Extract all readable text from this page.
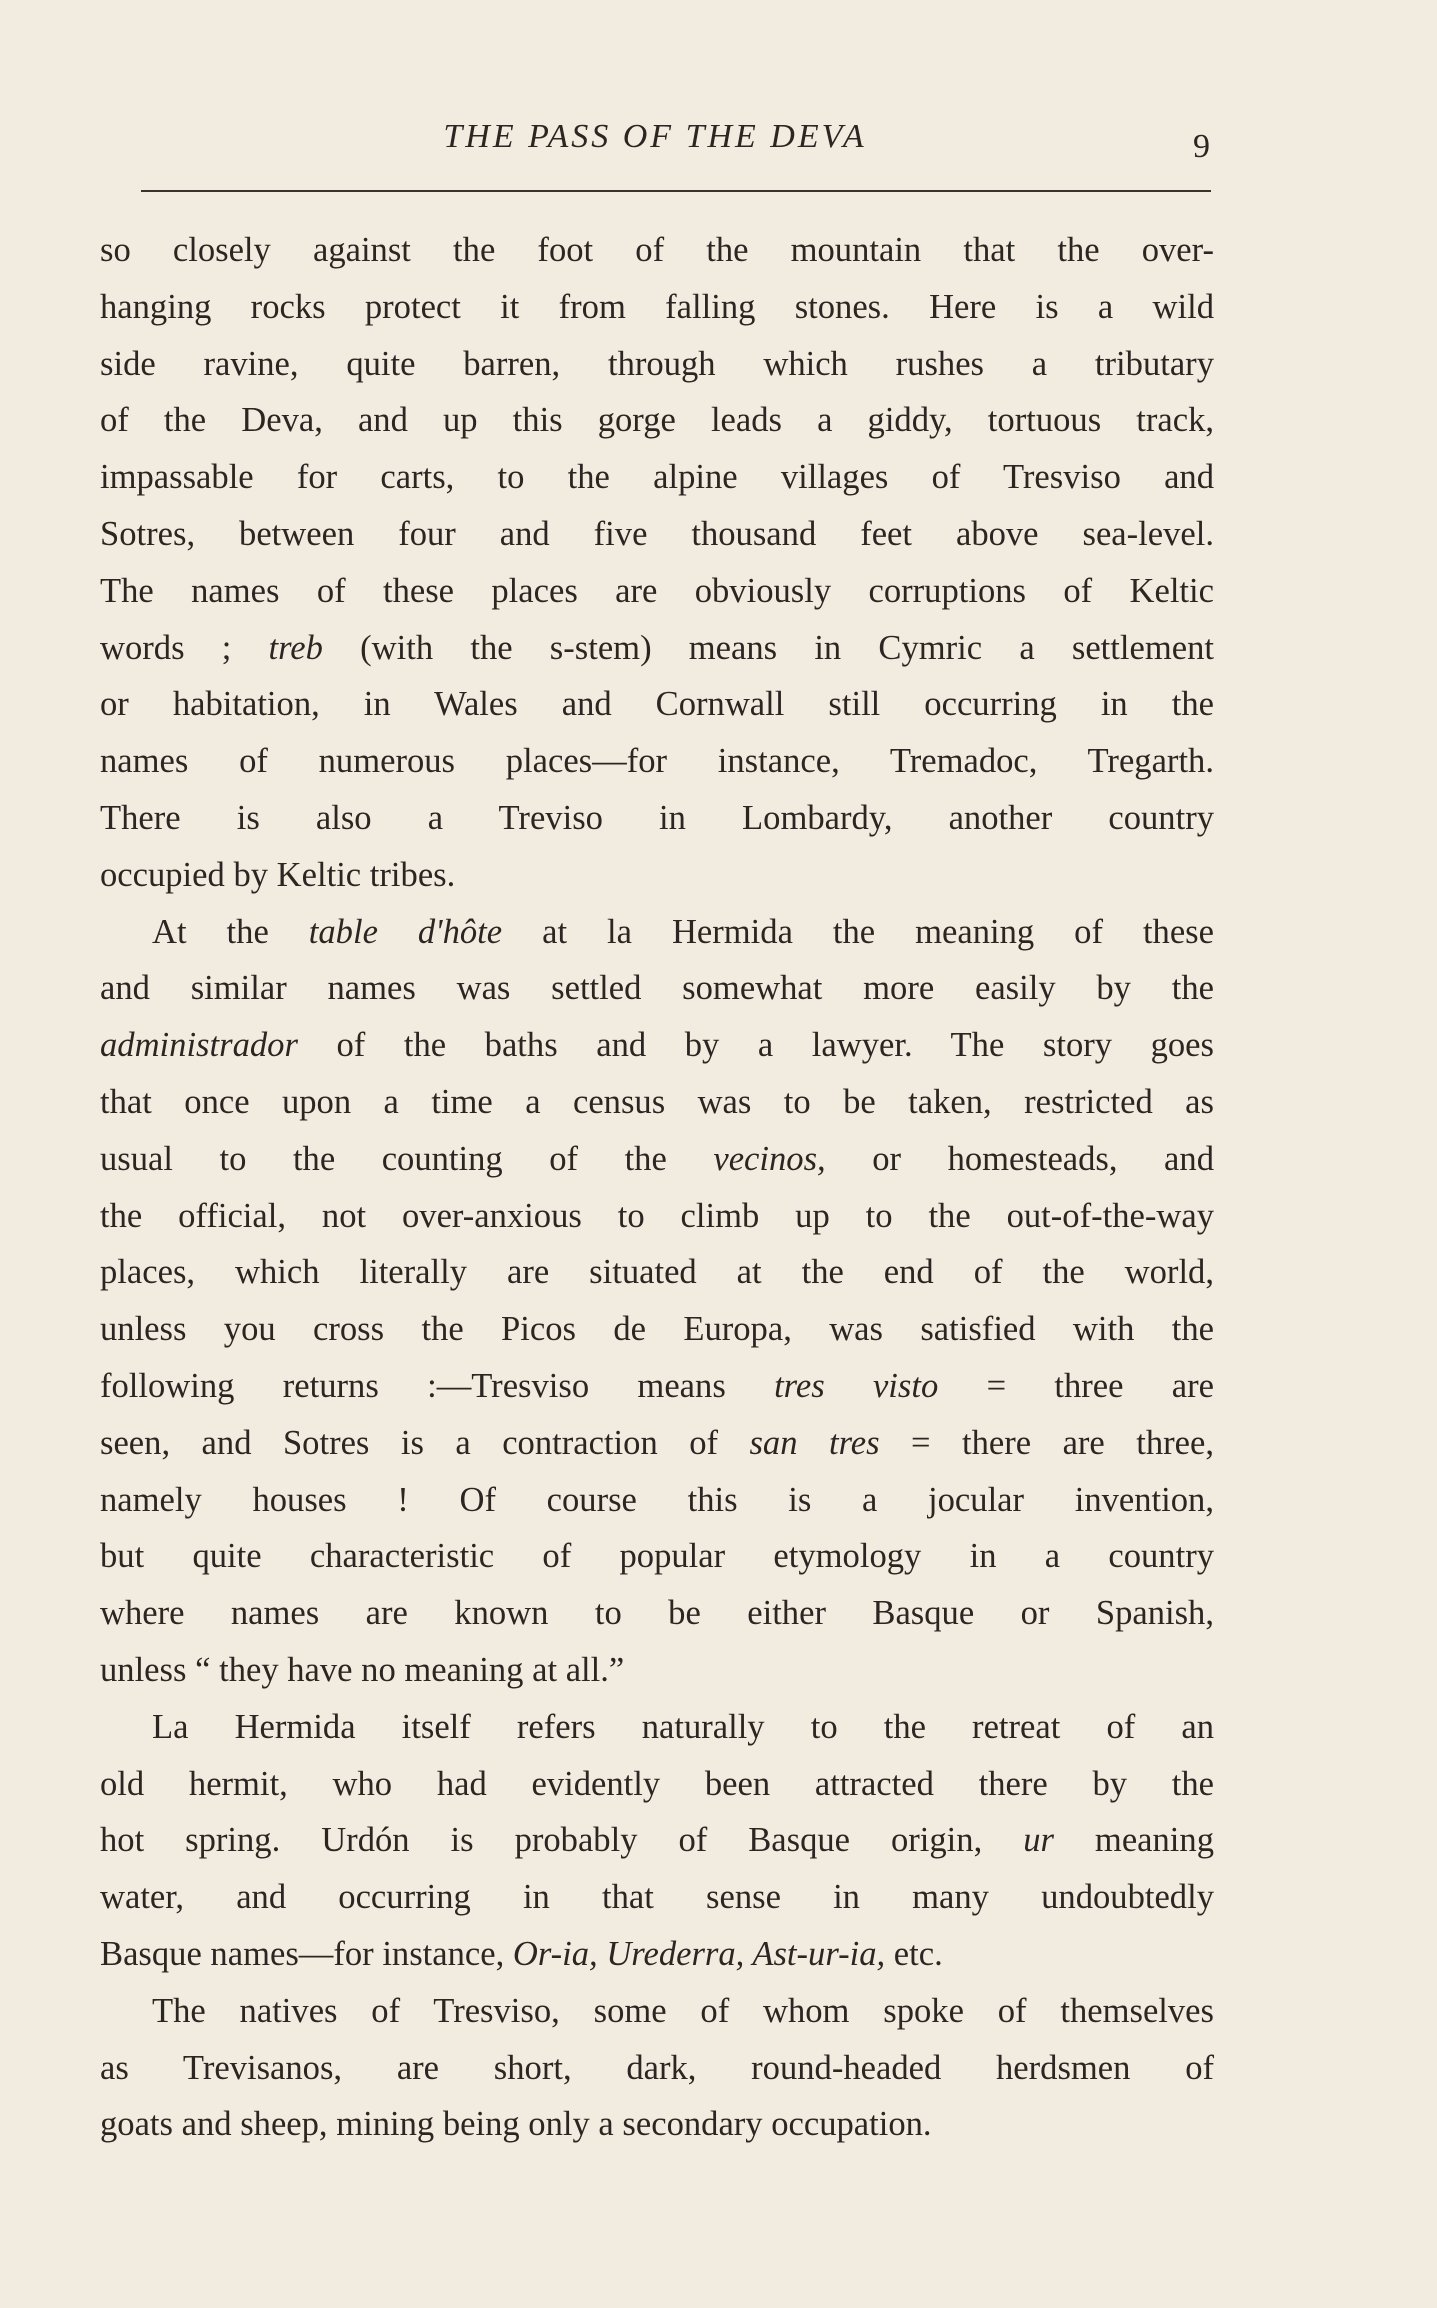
THE PASS OF THE DEVA	9
so closely against the foot of the mountain that the over-
hanging rocks protect it from falling stones. Here is a wild
side ravine, quite barren, through which rushes a tributary
of the Deva, and up this gorge leads a giddy, tortuous track,
impassable for carts, to the alpine villages of Tresviso and
Sotres, between four and five thousand feet above sea-level.
The names of these places are obviously corruptions of Keltic
words ; treb (with the s-stem) means in Cymric a settlement
or habitation, in Wales and Cornwall still occurring in the
names of numerous places—for instance, Tremadoc, Tregarth.
There is also a Treviso in Lombardy, another country
occupied by Keltic tribes.
At the table d'hôte at la Hermida the meaning of these
and similar names was settled somewhat more easily by the
administrador of the baths and by a lawyer. The story goes
that once upon a time a census was to be taken, restricted as
usual to the counting of the vecinos, or homesteads, and
the official, not over-anxious to climb up to the out-of-the-way
places, which literally are situated at the end of the world,
unless you cross the Picos de Europa, was satisfied with the
following returns :—Tresviso means tres visto = three are
seen, and Sotres is a contraction of san tres = there are three,
namely houses ! Of course this is a jocular invention,
but quite characteristic of popular etymology in a country
where names are known to be either Basque or Spanish,
unless “ they have no meaning at all.”
La Hermida itself refers naturally to the retreat of an
old hermit, who had evidently been attracted there by the
hot spring. Urdón is probably of Basque origin, ur meaning
water, and occurring in that sense in many undoubtedly
Basque names—for instance, Or-ia, Urederra, Ast-ur-ia, etc.
The natives of Tresviso, some of whom spoke of themselves
as Trevisanos, are short, dark, round-headed herdsmen of
goats and sheep, mining being only a secondary occupation.
